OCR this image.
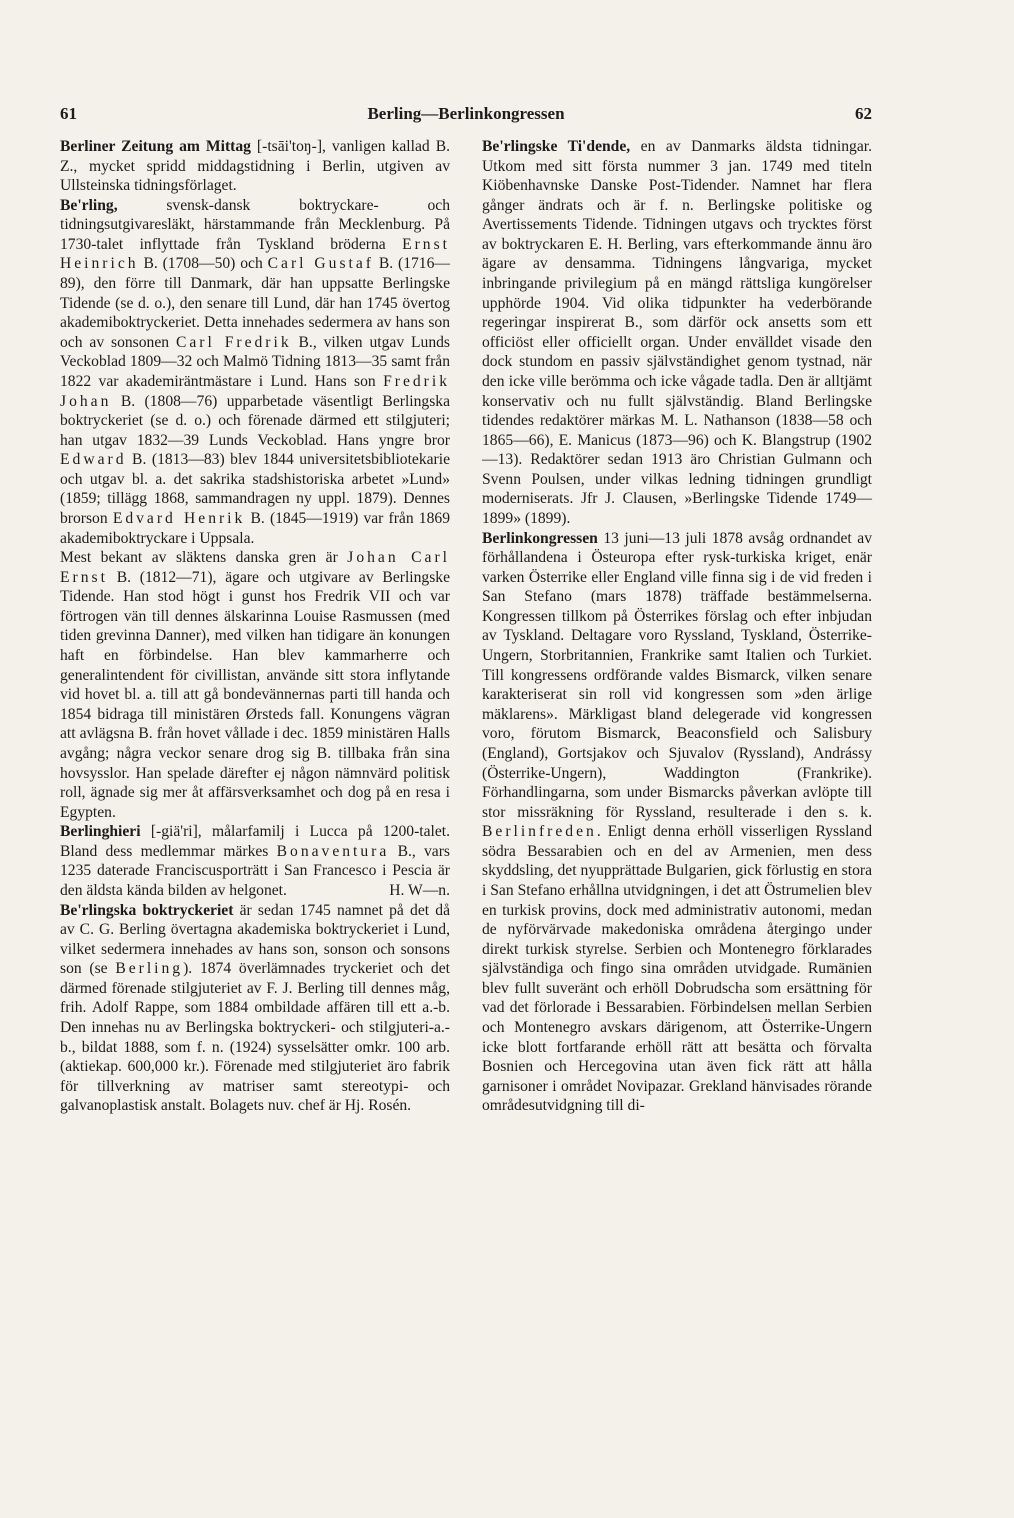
Berling—Berlinkongressen
61	62

Berliner Zeitung am Mittag [-tsāi'toŋ-], vanligen kallad B. Z., mycket spridd middagstidning i Berlin, utgiven av Ullsteinska tidningsförlaget.

Be'rling, svensk-dansk boktryckare- och tidningsutgivaresläkt, härstammande från Mecklenburg. På 1730-talet inflyttade från Tyskland bröderna Ernst Heinrich B. (1708—50) och Carl Gustaf B. (1716—89), den förre till Danmark, där han uppsatte Berlingske Tidende (se d. o.), den senare till Lund, där han 1745 övertog akademiboktryckeriet. Detta innehades sedermera av hans son och av sonsonen Carl Fredrik B., vilken utgav Lunds Veckoblad 1809—32 och Malmö Tidning 1813—35 samt från 1822 var akademiräntmästare i Lund. Hans son Fredrik Johan B. (1808—76) upparbetade väsentligt Berlingska boktryckeriet (se d. o.) och förenade därmed ett stilgjuteri; han utgav 1832—39 Lunds Veckoblad. Hans yngre bror Edward B. (1813—83) blev 1844 universitetsbibliotekarie och utgav bl. a. det sakrika stadshistoriska arbetet »Lund» (1859; tillägg 1868, sammandragen ny uppl. 1879). Dennes brorson Edvard Henrik B. (1845—1919) var från 1869 akademiboktryckare i Uppsala.

Mest bekant av släktens danska gren är Johan Carl Ernst B. (1812—71), ägare och utgivare av Berlingske Tidende. Han stod högt i gunst hos Fredrik VII och var förtrogen vän till dennes älskarinna Louise Rasmussen (med tiden grevinna Danner), med vilken han tidigare än konungen haft en förbindelse. Han blev kammarherre och generalintendent för civillistan, använde sitt stora inflytande vid hovet bl. a. till att gå bondevännernas parti till handa och 1854 bidraga till ministären Ørsteds fall. Konungens vägran att avlägsna B. från hovet vållade i dec. 1859 ministären Halls avgång; några veckor senare drog sig B. tillbaka från sina hovsysslor. Han spelade därefter ej någon nämnvärd politisk roll, ägnade sig mer åt affärsverksamhet och dog på en resa i Egypten.

Berlinghieri [-giä'ri], målarfamilj i Lucca på 1200-talet. Bland dess medlemmar märkes Bonaventura B., vars 1235 daterade Franciscusporträtt i San Francesco i Pescia är den äldsta kända bilden av helgonet.	H. W—n.

Be'rlingska boktryckeriet är sedan 1745 namnet på det då av C. G. Berling övertagna akademiska boktryckeriet i Lund, vilket sedermera innehades av hans son, sonson och sonsons son (se Berling). 1874 överlämnades tryckeriet och det därmed förenade stilgjuteriet av F. J. Berling till dennes måg, frih. Adolf Rappe, som 1884 ombildade affären till ett a.-b. Den innehas nu av Berlingska boktryckeri- och stilgjuteri-a.-b., bildat 1888, som f. n. (1924) sysselsätter omkr. 100 arb. (aktiekap. 600,000 kr.). Förenade med stilgjuteriet äro fabrik för tillverkning av matriser samt stereotypi- och galvanoplastisk anstalt. Bolagets nuv. chef är Hj. Rosén.

Be'rlingske Ti'dende, en av Danmarks äldsta tidningar. Utkom med sitt första nummer 3 jan. 1749 med titeln Kiöbenhavnske Danske Post-Tidender. Namnet har flera gånger ändrats och är f. n. Berlingske politiske og Avertissements Tidende. Tidningen utgavs och trycktes först av boktryckaren E. H. Berling, vars efterkommande ännu äro ägare av densamma. Tidningens långvariga, mycket inbringande privilegium på en mängd rättsliga kungörelser upphörde 1904. Vid olika tidpunkter ha vederbörande regeringar inspirerat B., som därför ock ansetts som ett officiöst eller officiellt organ. Under envälldet visade den dock stundom en passiv självständighet genom tystnad, när den icke ville berömma och icke vågade tadla. Den är alltjämt konservativ och nu fullt självständig. Bland Berlingske tidendes redaktörer märkas M. L. Nathanson (1838—58 och 1865—66), E. Manicus (1873—96) och K. Blangstrup (1902—13). Redaktörer sedan 1913 äro Christian Gulmann och Svenn Poulsen, under vilkas ledning tidningen grundligt moderniserats. Jfr J. Clausen, »Berlingske Tidende 1749—1899» (1899).

Berlinkongressen 13 juni—13 juli 1878 avsåg ordnandet av förhållandena i Östeuropa efter rysk-turkiska kriget, enär varken Österrike eller England ville finna sig i de vid freden i San Stefano (mars 1878) träffade bestämmelserna. Kongressen tillkom på Österrikes förslag och efter inbjudan av Tyskland. Deltagare voro Ryssland, Tyskland, Österrike-Ungern, Storbritannien, Frankrike samt Italien och Turkiet. Till kongressens ordförande valdes Bismarck, vilken senare karakteriserat sin roll vid kongressen som »den ärlige mäklarens». Märkligast bland delegerade vid kongressen voro, förutom Bismarck, Beaconsfield och Salisbury (England), Gortsjakov och Sjuvalov (Ryssland), Andrássy (Österrike-Ungern), Waddington (Frankrike). Förhandlingarna, som under Bismarcks påverkan avlöpte till stor missräkning för Ryssland, resulterade i den s. k. Berlinfreden. Enligt denna erhöll visserligen Ryssland södra Bessarabien och en del av Armenien, men dess skyddsling, det nyupprättade Bulgarien, gick förlustig en stora i San Stefano erhållna utvidgningen, i det att Östrumelien blev en turkisk provins, dock med administrativ autonomi, medan de nyförvärvade makedoniska områdena återgingo under direkt turkisk styrelse. Serbien och Montenegro förklarades självständiga och fingo sina områden utvidgade. Rumänien blev fullt suveränt och erhöll Dobrudscha som ersättning för vad det förlorade i Bessarabien. Förbindelsen mellan Serbien och Montenegro avskars därigenom, att Österrike-Ungern icke blott fortfarande erhöll rätt att besätta och förvalta Bosnien och Hercegovina utan även fick rätt att hålla garnisoner i området Novipazar. Grekland hänvisades rörande områdesutvidgning till di-
